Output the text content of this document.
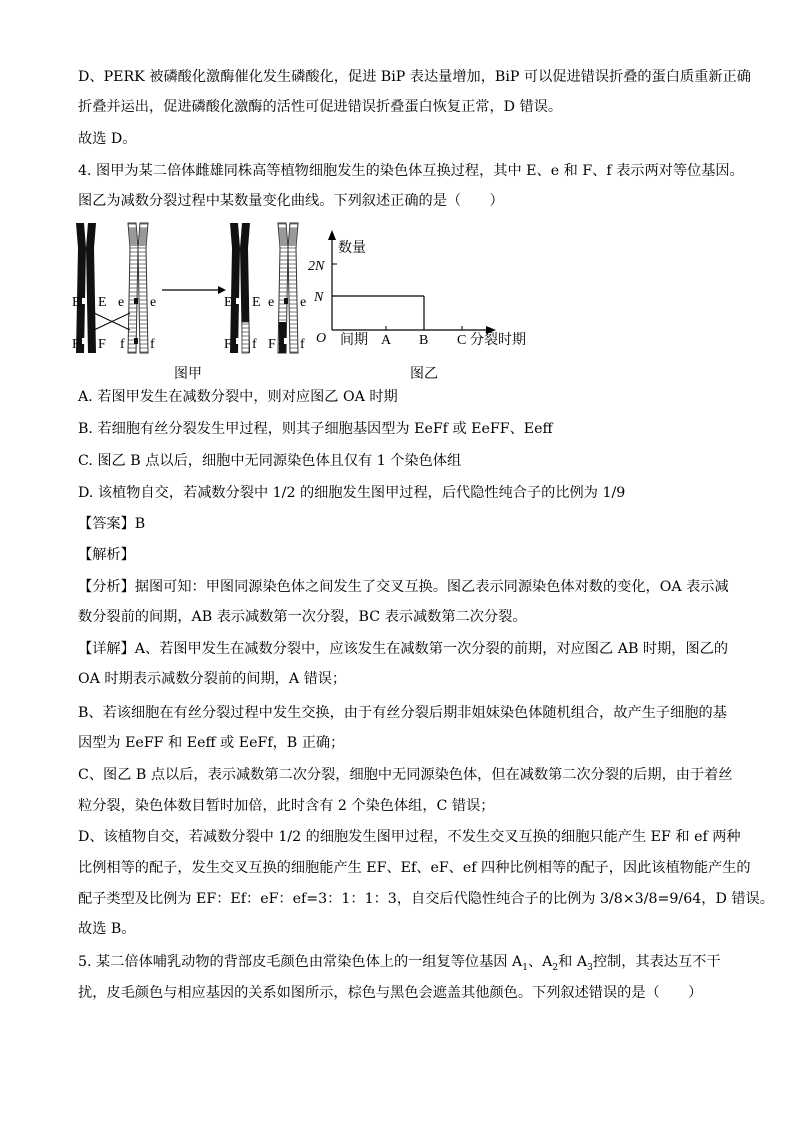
D、PERK 被磷酸化激酶催化发生磷酸化，促进 BiP 表达量增加，BiP 可以促进错误折叠的蛋白质重新正确
折叠并运出，促进磷酸化激酶的活性可促进错误折叠蛋白恢复正常，D 错误。
故选 D。
4. 图甲为某二倍体雌雄同株高等植物细胞发生的染色体互换过程，其中 E、e 和 F、f 表示两对等位基因。
图乙为减数分裂过程中某数量变化曲线。下列叙述正确的是（　　）
E E e e
F F f f
E E e e
F f F f
图甲
数量
2N
N
O 间期 A B C 分裂时期
图乙
A. 若图甲发生在减数分裂中，则对应图乙 OA 时期
B. 若细胞有丝分裂发生甲过程，则其子细胞基因型为 EeFf 或 EeFF、Eeff
C. 图乙 B 点以后，细胞中无同源染色体且仅有 1 个染色体组
D. 该植物自交，若减数分裂中 1/2 的细胞发生图甲过程，后代隐性纯合子的比例为 1/9
【答案】B
【解析】
【分析】据图可知：甲图同源染色体之间发生了交叉互换。图乙表示同源染色体对数的变化，OA 表示减
数分裂前的间期，AB 表示减数第一次分裂，BC 表示减数第二次分裂。
【详解】A、若图甲发生在减数分裂中，应该发生在减数第一次分裂的前期，对应图乙 AB 时期，图乙的
OA 时期表示减数分裂前的间期，A 错误；
B、若该细胞在有丝分裂过程中发生交换，由于有丝分裂后期非姐妹染色体随机组合，故产生子细胞的基
因型为 EeFF 和 Eeff 或 EeFf，B 正确；
C、图乙 B 点以后，表示减数第二次分裂，细胞中无同源染色体，但在减数第二次分裂的后期，由于着丝
粒分裂，染色体数目暂时加倍，此时含有 2 个染色体组，C 错误；
D、该植物自交，若减数分裂中 1/2 的细胞发生图甲过程，不发生交叉互换的细胞只能产生 EF 和 ef 两种
比例相等的配子，发生交叉互换的细胞能产生 EF、Ef、eF、ef 四种比例相等的配子，因此该植物能产生的
配子类型及比例为 EF：Ef：eF：ef=3：1：1：3，自交后代隐性纯合子的比例为 3/8×3/8=9/64，D 错误。
故选 B。
5. 某二倍体哺乳动物的背部皮毛颜色由常染色体上的一组复等位基因 $A_1$、$A_2$和 $A_3$控制，其表达互不干
扰，皮毛颜色与相应基因的关系如图所示，棕色与黑色会遮盖其他颜色。下列叙述错误的是（　　）
